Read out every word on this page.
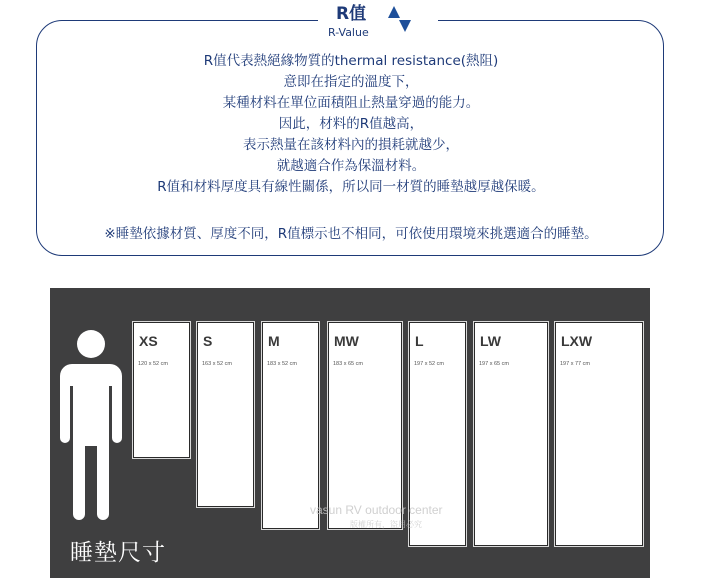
R值代表熱絕緣物質的thermal resistance(熱阻)
意即在指定的溫度下，
某種材料在單位面積阻止熱量穿過的能力。
因此，材料的R值越高，
表示熱量在該材料內的損耗就越少，
就越適合作為保溫材料。
R值和材料厚度具有線性關係，所以同一材質的睡墊越厚越保暖。
※睡墊依據材質、厚度不同，R值標示也不相同，可依使用環境來挑選適合的睡墊。
R值
R-Value
XS
120 x 52 cm
S
163 x 52 cm
M
183 x 52 cm
MW
183 x 65 cm
L
197 x 52 cm
LW
197 x 65 cm
LXW
197 x 77 cm
vasun RV outdoor center
版權所有，盜用必究
睡墊尺寸
